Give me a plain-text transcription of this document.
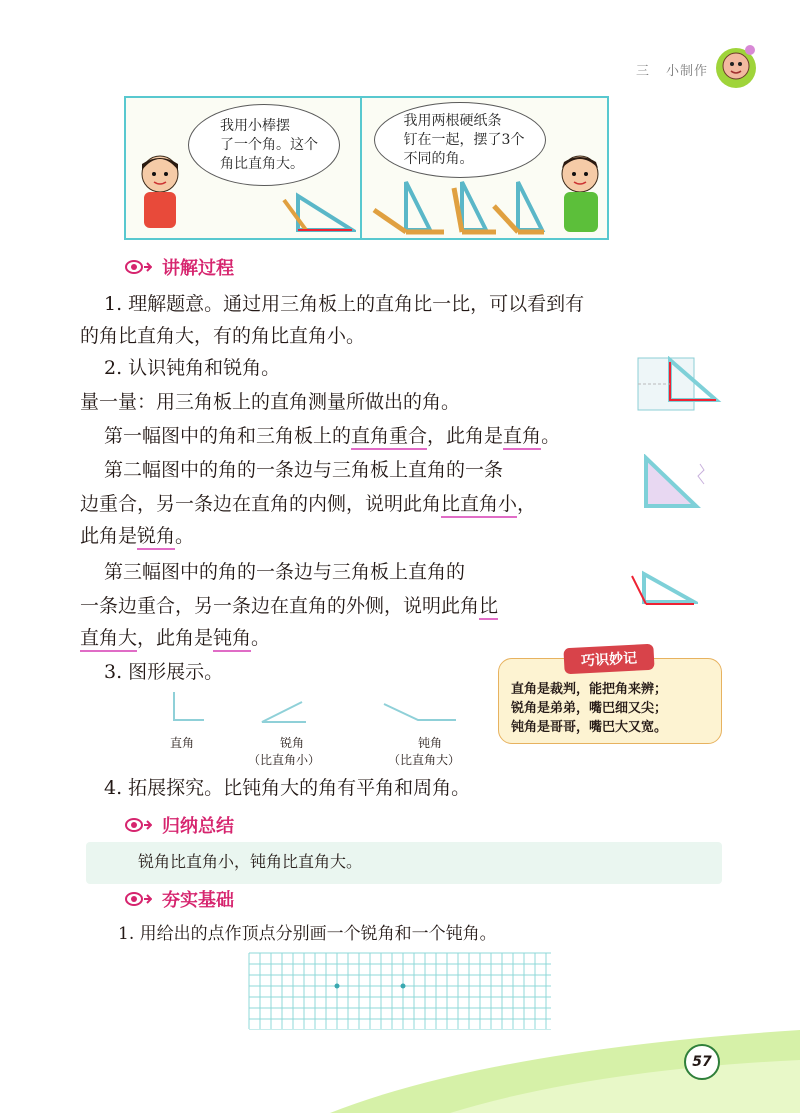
三 小制作
我用小棒摆
了一个角。这个
角比直角大。
我用两根硬纸条
钉在一起，摆了3个
不同的角。
讲解过程
1. 理解题意。通过用三角板上的直角比一比，可以看到有
的角比直角大，有的角比直角小。
2. 认识钝角和锐角。
量一量：用三角板上的直角测量所做出的角。
第一幅图中的角和三角板上的直角重合，此角是直角。
第二幅图中的角的一条边与三角板上直角的一条
边重合，另一条边在直角的内侧，说明此角比直角小，
此角是锐角。
第三幅图中的角的一条边与三角板上直角的
一条边重合，另一条边在直角的外侧，说明此角比
直角大，此角是钝角。
3. 图形展示。
直角	锐角
（比直角小）
钝角
（比直角大）
直角是裁判，能把角来辨；
锐角是弟弟，嘴巴细又尖；
钝角是哥哥，嘴巴大又宽。
巧识妙记
4. 拓展探究。比钝角大的角有平角和周角。
归纳总结
锐角比直角小，钝角比直角大。
夯实基础
1. 用给出的点作顶点分别画一个锐角和一个钝角。
57
